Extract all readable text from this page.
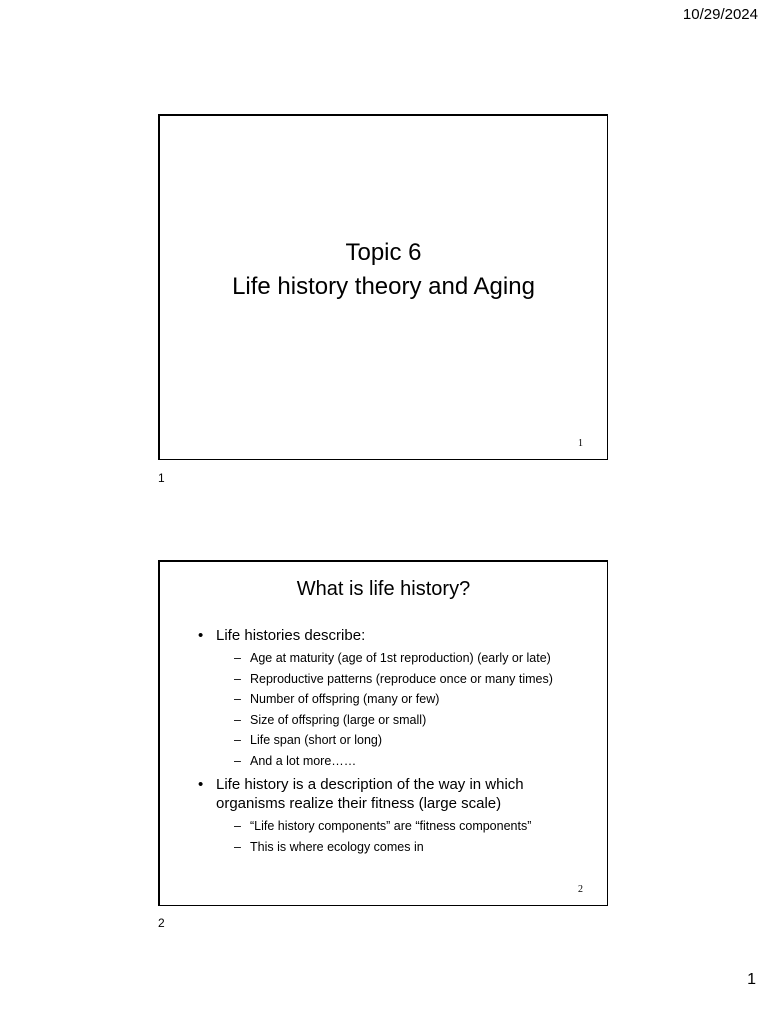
10/29/2024
Topic 6
Life history theory and Aging
1
1
What is life history?
• Life histories describe:
– Age at maturity (age of 1st reproduction) (early or late)
– Reproductive patterns (reproduce once or many times)
– Number of offspring (many or few)
– Size of offspring (large or small)
– Life span (short or long)
– And a lot more……
• Life history is a description of the way in which
organisms realize their fitness (large scale)
– “Life history components” are “fitness components”
– This is where ecology comes in
2
2
1
